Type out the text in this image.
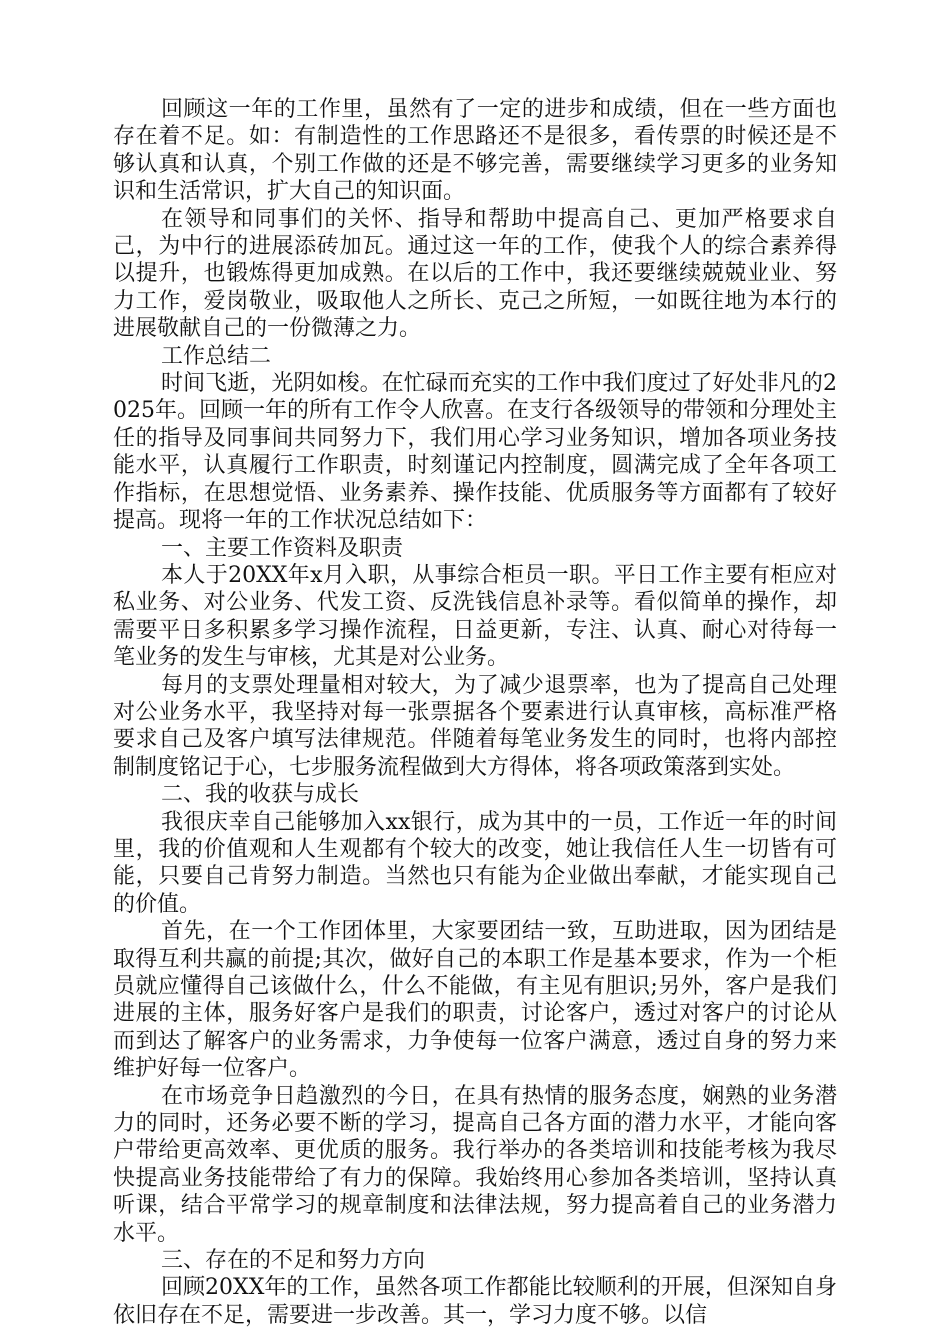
回顾这一年的工作里，虽然有了一定的进步和成绩，但在一些方面也存在着不足。如：有制造性的工作思路还不是很多，看传票的时候还是不够认真和认真，个别工作做的还是不够完善，需要继续学习更多的业务知识和生活常识，扩大自己的知识面。

在领导和同事们的关怀、指导和帮助中提高自己、更加严格要求自己，为中行的进展添砖加瓦。通过这一年的工作，使我个人的综合素养得以提升，也锻炼得更加成熟。在以后的工作中，我还要继续兢兢业业、努力工作，爱岗敬业，吸取他人之所长、克己之所短，一如既往地为本行的进展敬献自己的一份微薄之力。

工作总结二

时间飞逝，光阴如梭。在忙碌而充实的工作中我们度过了好处非凡的2025年。回顾一年的所有工作令人欣喜。在支行各级领导的带领和分理处主任的指导及同事间共同努力下，我们用心学习业务知识，增加各项业务技能水平，认真履行工作职责，时刻谨记内控制度，圆满完成了全年各项工作指标，在思想觉悟、业务素养、操作技能、优质服务等方面都有了较好提高。现将一年的工作状况总结如下：

一、主要工作资料及职责

本人于20XX年x月入职，从事综合柜员一职。平日工作主要有柜应对私业务、对公业务、代发工资、反洗钱信息补录等。看似简单的操作，却需要平日多积累多学习操作流程，日益更新，专注、认真、耐心对待每一笔业务的发生与审核，尤其是对公业务。

每月的支票处理量相对较大，为了减少退票率，也为了提高自己处理对公业务水平，我坚持对每一张票据各个要素进行认真审核，高标准严格要求自己及客户填写法律规范。伴随着每笔业务发生的同时，也将内部控制制度铭记于心，七步服务流程做到大方得体，将各项政策落到实处。

二、我的收获与成长

我很庆幸自己能够加入xx银行，成为其中的一员，工作近一年的时间里，我的价值观和人生观都有个较大的改变，她让我信任人生一切皆有可能，只要自己肯努力制造。当然也只有能为企业做出奉献，才能实现自己的价值。

首先，在一个工作团体里，大家要团结一致，互助进取，因为团结是取得互利共赢的前提;其次，做好自己的本职工作是基本要求，作为一个柜员就应懂得自己该做什么，什么不能做，有主见有胆识;另外，客户是我们进展的主体，服务好客户是我们的职责，讨论客户，透过对客户的讨论从而到达了解客户的业务需求，力争使每一位客户满意，透过自身的努力来维护好每一位客户。

在市场竞争日趋激烈的今日，在具有热情的服务态度，娴熟的业务潜力的同时，还务必要不断的学习，提高自己各方面的潜力水平，才能向客户带给更高效率、更优质的服务。我行举办的各类培训和技能考核为我尽快提高业务技能带给了有力的保障。我始终用心参加各类培训，坚持认真听课，结合平常学习的规章制度和法律法规，努力提高着自己的业务潜力水平。

三、存在的不足和努力方向

回顾20XX年的工作，虽然各项工作都能比较顺利的开展，但深知自身依旧存在不足，需要进一步改善。其一，学习力度不够。以信
